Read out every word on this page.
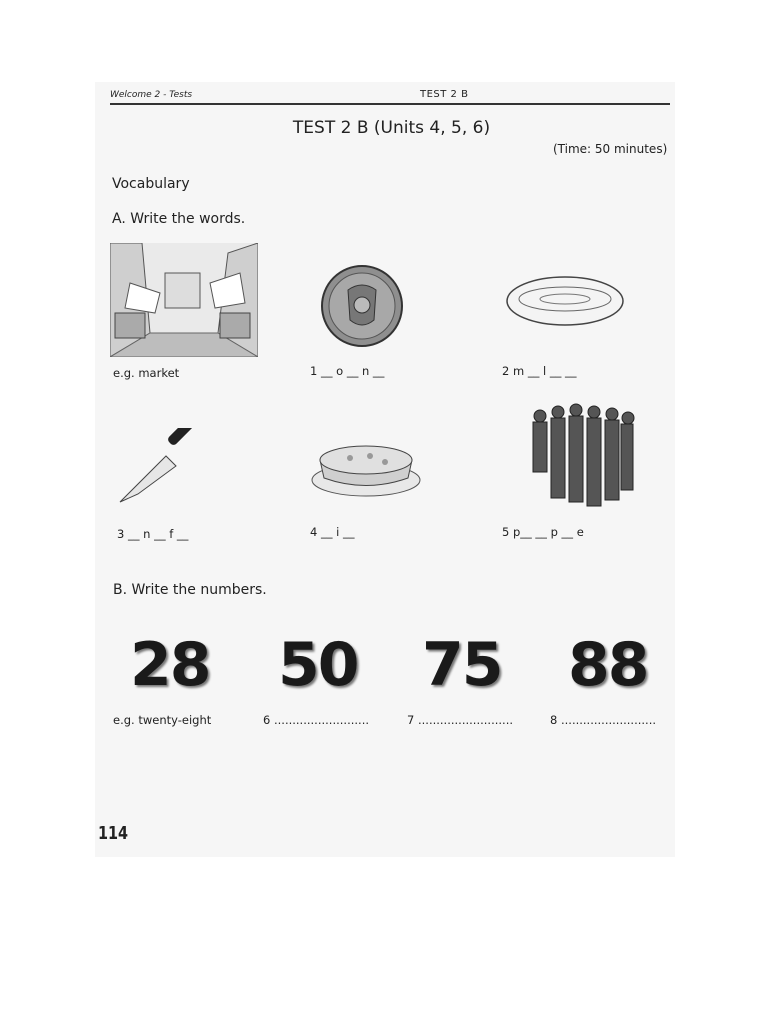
Welcome 2 - Tests	TEST 2 B
TEST 2 B (Units 4, 5, 6)
(Time: 50 minutes)
Vocabulary
A. Write the words.
e.g. market	1 __ o __ n __	2 m __ l __ __
3 __ n __ f __	4 __ i __	5 p__ __ p __ e
B. Write the numbers.
28 50 75 88
e.g. twenty-eight	6 ..........................	7 ..........................	8 ..........................
114
